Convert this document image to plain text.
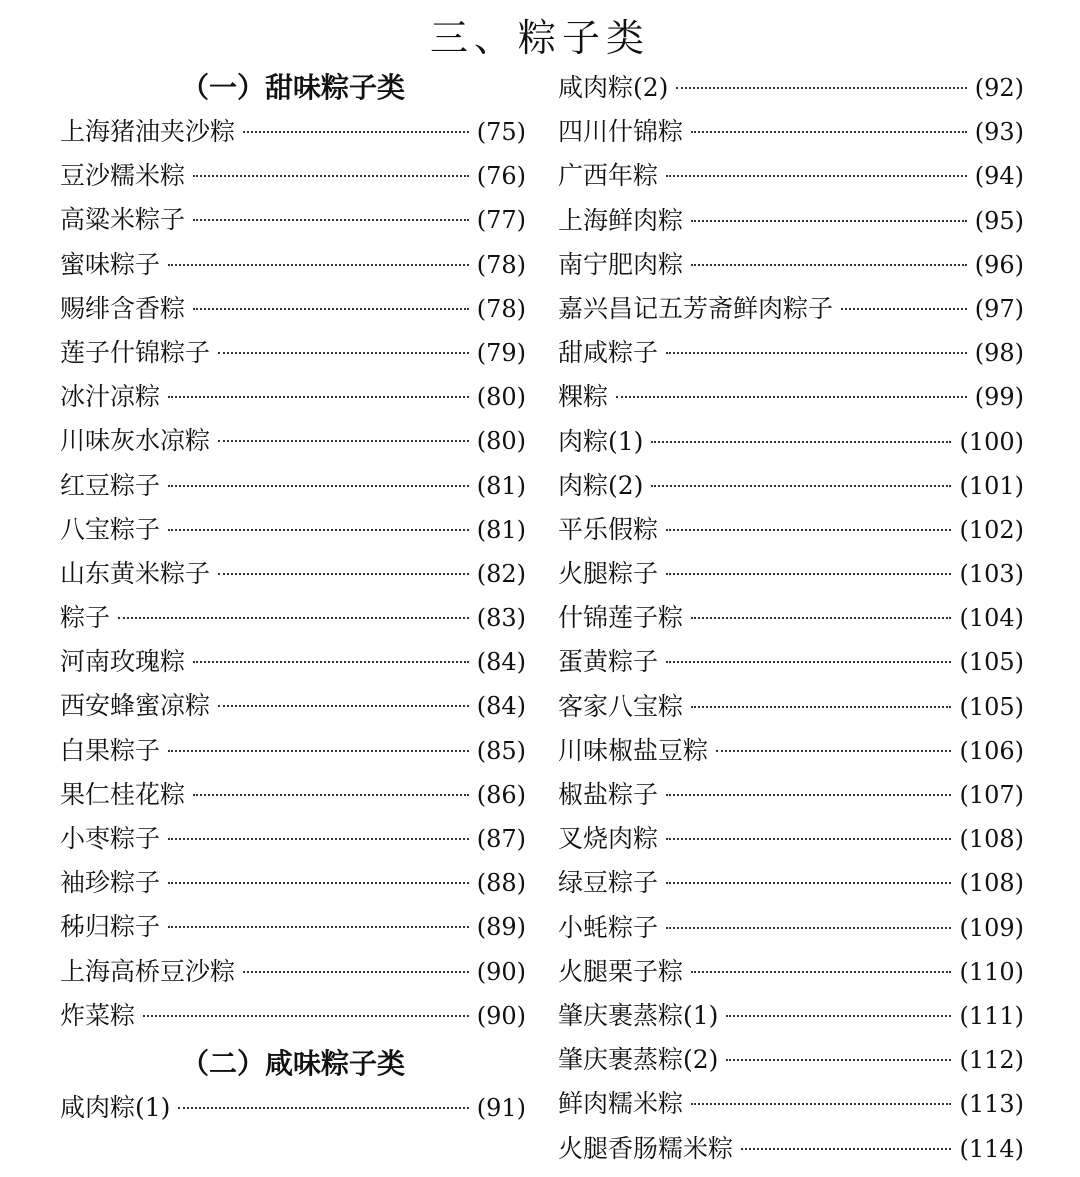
三、粽子类
（一）甜味粽子类
上海猪油夹沙粽	(75)
豆沙糯米粽	(76)
高粱米粽子	(77)
蜜味粽子	(78)
赐绯含香粽	(78)
莲子什锦粽子	(79)
冰汁凉粽	(80)
川味灰水凉粽	(80)
红豆粽子	(81)
八宝粽子	(81)
山东黄米粽子	(82)
粽子	(83)
河南玫瑰粽	(84)
西安蜂蜜凉粽	(84)
白果粽子	(85)
果仁桂花粽	(86)
小枣粽子	(87)
袖珍粽子	(88)
秭归粽子	(89)
上海高桥豆沙粽	(90)
炸菜粽	(90)
（二）咸味粽子类
咸肉粽(1)	(91)
咸肉粽(2)	(92)
四川什锦粽	(93)
广西年粽	(94)
上海鲜肉粽	(95)
南宁肥肉粽	(96)
嘉兴昌记五芳斋鲜肉粽子	(97)
甜咸粽子	(98)
粿粽	(99)
肉粽(1)	(100)
肉粽(2)	(101)
平乐假粽	(102)
火腿粽子	(103)
什锦莲子粽	(104)
蛋黄粽子	(105)
客家八宝粽	(105)
川味椒盐豆粽	(106)
椒盐粽子	(107)
叉烧肉粽	(108)
绿豆粽子	(108)
小蚝粽子	(109)
火腿栗子粽	(110)
肇庆裹蒸粽(1)	(111)
肇庆裹蒸粽(2)	(112)
鲜肉糯米粽	(113)
火腿香肠糯米粽	(114)
